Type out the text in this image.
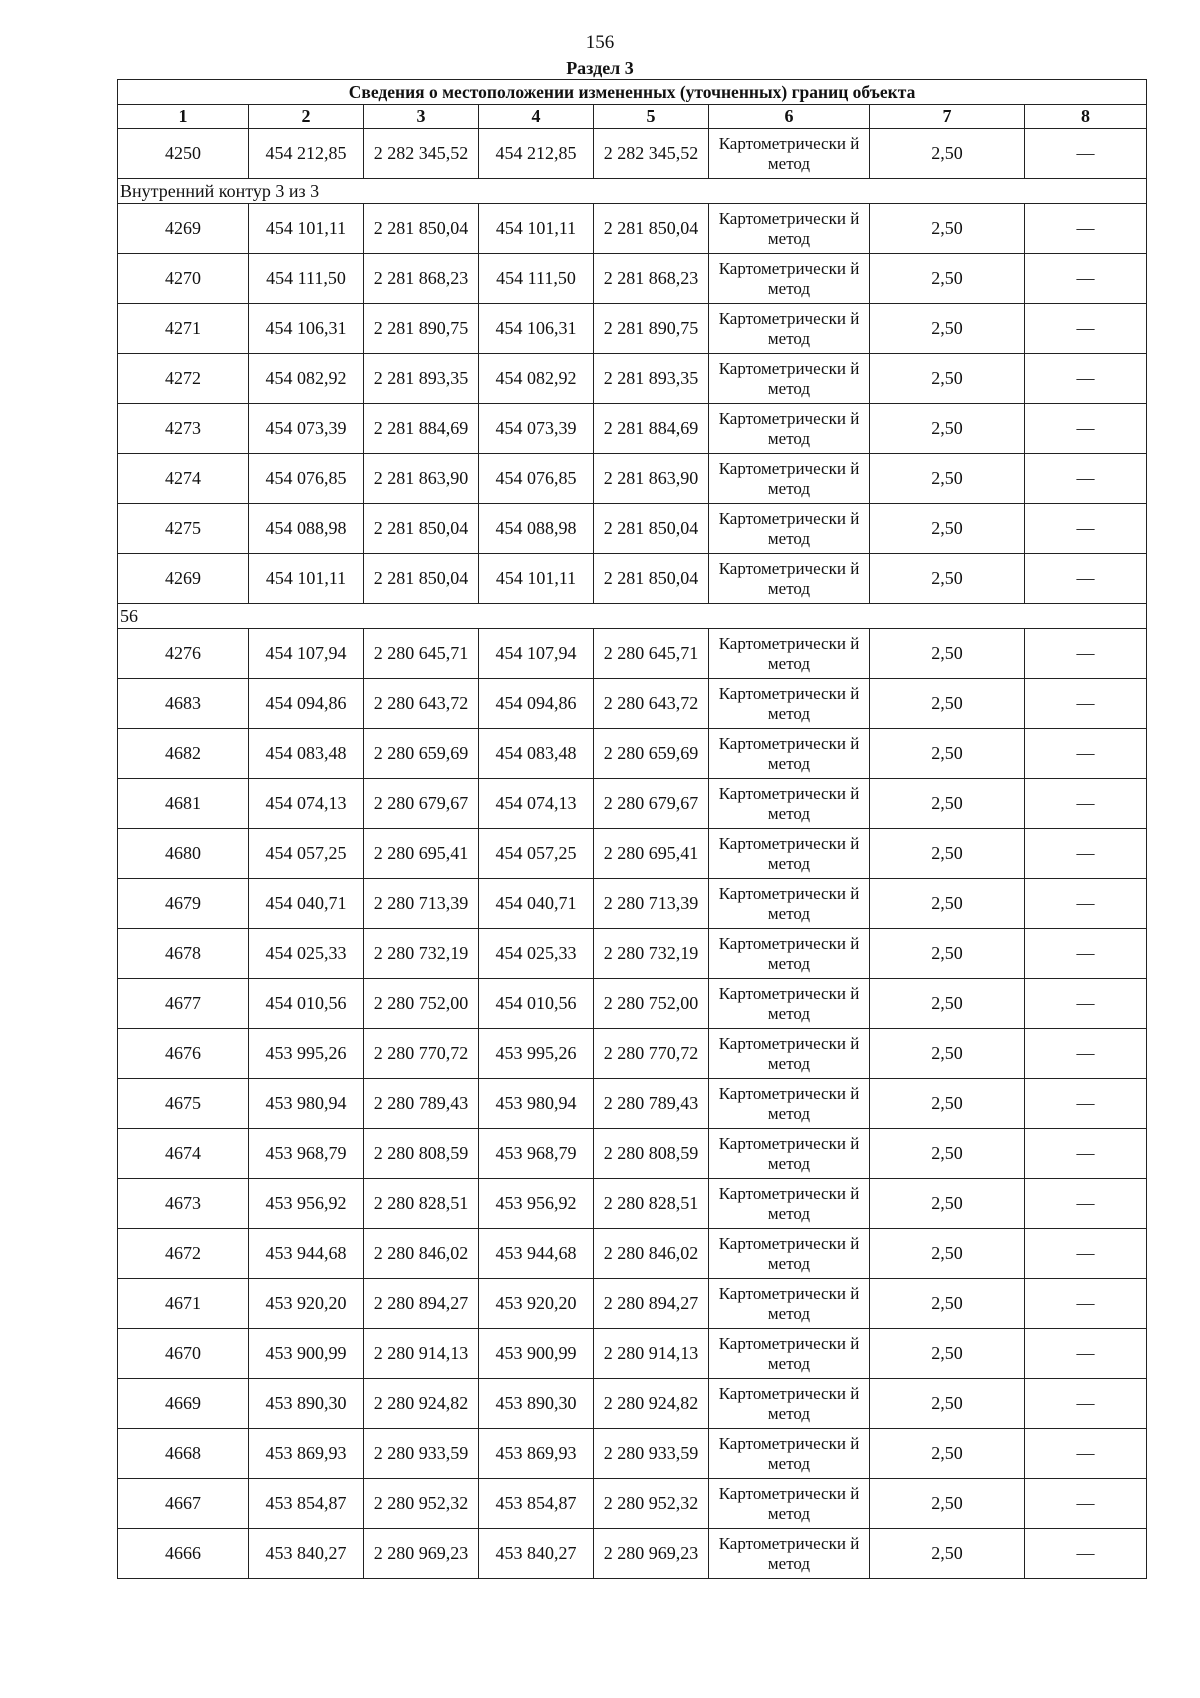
156
Раздел 3
Сведения о местоположении измененных (уточненных) границ объекта							
1	2	3	4	5	6	7	8
4250	454 212,85	2 282 345,52	454 212,85	2 282 345,52	Картометрически й метод	2,50	—
Внутренний контур 3 из 3							
4269	454 101,11	2 281 850,04	454 101,11	2 281 850,04	Картометрически й метод	2,50	—
4270	454 111,50	2 281 868,23	454 111,50	2 281 868,23	Картометрически й метод	2,50	—
4271	454 106,31	2 281 890,75	454 106,31	2 281 890,75	Картометрически й метод	2,50	—
4272	454 082,92	2 281 893,35	454 082,92	2 281 893,35	Картометрически й метод	2,50	—
4273	454 073,39	2 281 884,69	454 073,39	2 281 884,69	Картометрически й метод	2,50	—
4274	454 076,85	2 281 863,90	454 076,85	2 281 863,90	Картометрически й метод	2,50	—
4275	454 088,98	2 281 850,04	454 088,98	2 281 850,04	Картометрически й метод	2,50	—
4269	454 101,11	2 281 850,04	454 101,11	2 281 850,04	Картометрически й метод	2,50	—
56							
4276	454 107,94	2 280 645,71	454 107,94	2 280 645,71	Картометрически й метод	2,50	—
4683	454 094,86	2 280 643,72	454 094,86	2 280 643,72	Картометрически й метод	2,50	—
4682	454 083,48	2 280 659,69	454 083,48	2 280 659,69	Картометрически й метод	2,50	—
4681	454 074,13	2 280 679,67	454 074,13	2 280 679,67	Картометрически й метод	2,50	—
4680	454 057,25	2 280 695,41	454 057,25	2 280 695,41	Картометрически й метод	2,50	—
4679	454 040,71	2 280 713,39	454 040,71	2 280 713,39	Картометрически й метод	2,50	—
4678	454 025,33	2 280 732,19	454 025,33	2 280 732,19	Картометрически й метод	2,50	—
4677	454 010,56	2 280 752,00	454 010,56	2 280 752,00	Картометрически й метод	2,50	—
4676	453 995,26	2 280 770,72	453 995,26	2 280 770,72	Картометрически й метод	2,50	—
4675	453 980,94	2 280 789,43	453 980,94	2 280 789,43	Картометрически й метод	2,50	—
4674	453 968,79	2 280 808,59	453 968,79	2 280 808,59	Картометрически й метод	2,50	—
4673	453 956,92	2 280 828,51	453 956,92	2 280 828,51	Картометрически й метод	2,50	—
4672	453 944,68	2 280 846,02	453 944,68	2 280 846,02	Картометрически й метод	2,50	—
4671	453 920,20	2 280 894,27	453 920,20	2 280 894,27	Картометрически й метод	2,50	—
4670	453 900,99	2 280 914,13	453 900,99	2 280 914,13	Картометрически й метод	2,50	—
4669	453 890,30	2 280 924,82	453 890,30	2 280 924,82	Картометрически й метод	2,50	—
4668	453 869,93	2 280 933,59	453 869,93	2 280 933,59	Картометрически й метод	2,50	—
4667	453 854,87	2 280 952,32	453 854,87	2 280 952,32	Картометрически й метод	2,50	—
4666	453 840,27	2 280 969,23	453 840,27	2 280 969,23	Картометрически й метод	2,50	—
